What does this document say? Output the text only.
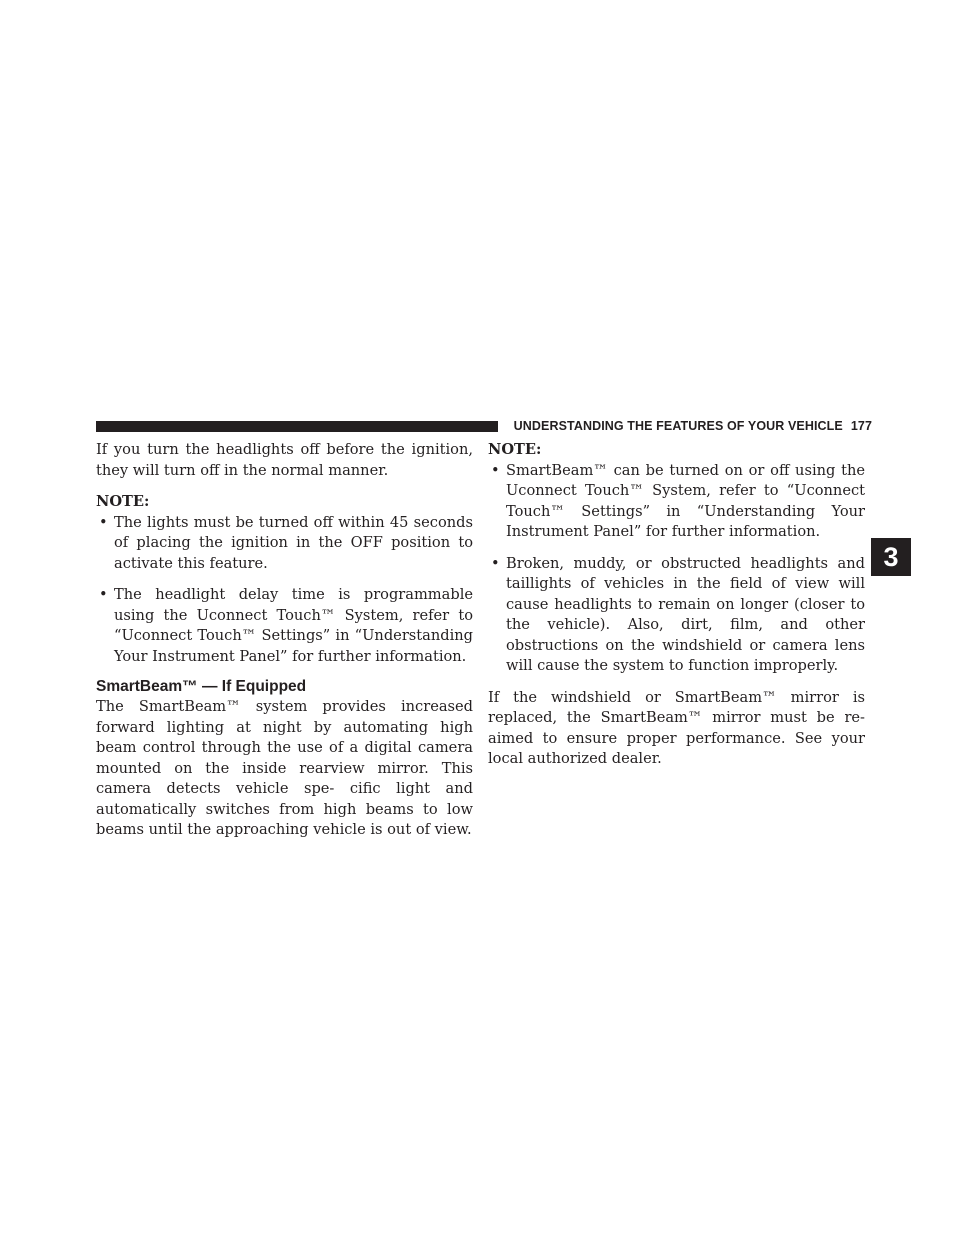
UNDERSTANDING THE FEATURES OF YOUR VEHICLE 177

If you turn the headlights off before the ignition, they will turn off in the normal manner.

NOTE:

• The lights must be turned off within 45 seconds of placing the ignition in the OFF position to activate this feature.
• The headlight delay time is programmable using the Uconnect Touch™ System, refer to “Uconnect Touch™ Settings” in “Understanding Your Instrument Panel” for further information.
SmartBeam™ — If Equipped

The SmartBeam™ system provides increased forward lighting at night by automating high beam control through the use of a digital camera mounted on the inside rearview mirror. This camera detects vehicle spe- cific light and automatically switches from high beams to low beams until the approaching vehicle is out of view.

NOTE:

• SmartBeam™ can be turned on or off using the Uconnect Touch™ System, refer to “Uconnect Touch™ Settings” in “Understanding Your Instrument Panel” for further information.
• Broken, muddy, or obstructed headlights and taillights of vehicles in the field of view will cause headlights to remain on longer (closer to the vehicle). Also, dirt, film, and other obstructions on the windshield or camera lens will cause the system to function improperly.

If the windshield or SmartBeam™ mirror is replaced, the SmartBeam™ mirror must be re-aimed to ensure proper performance. See your local authorized dealer.

3
